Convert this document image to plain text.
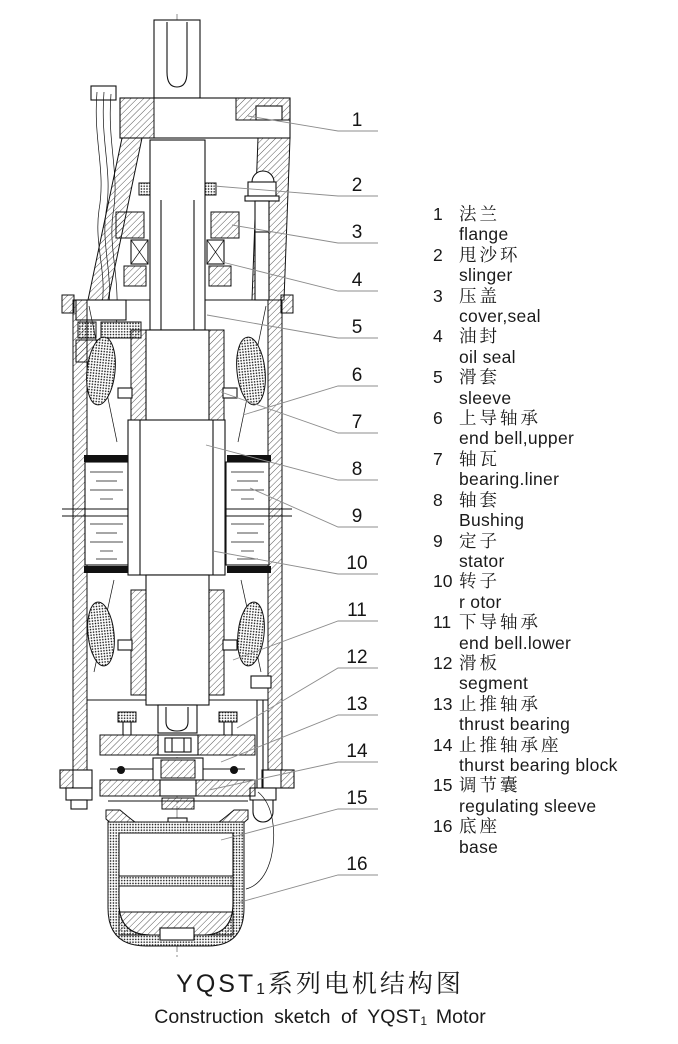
1
2
3
4
5
6
7
8
9
10
11
12
13
14
15
16
1 法兰
flange
2 甩沙环
slinger
3 压盖
cover,seal
4 油封
oil seal
5 滑套
sleeve
6 上导轴承
end bell,upper
7 轴瓦
bearing.liner
8 轴套
Bushing
9 定子
stator
10 转子
r otor
11 下导轴承
end bell.lower
12 滑板
segment
13 止推轴承
thrust bearing
14 止推轴承座
thurst bearing block
15 调节囊
regulating sleeve
16 底座
base
$YQST_1$系列电机结构图
Construction sketch of $YQST_1$ Motor
